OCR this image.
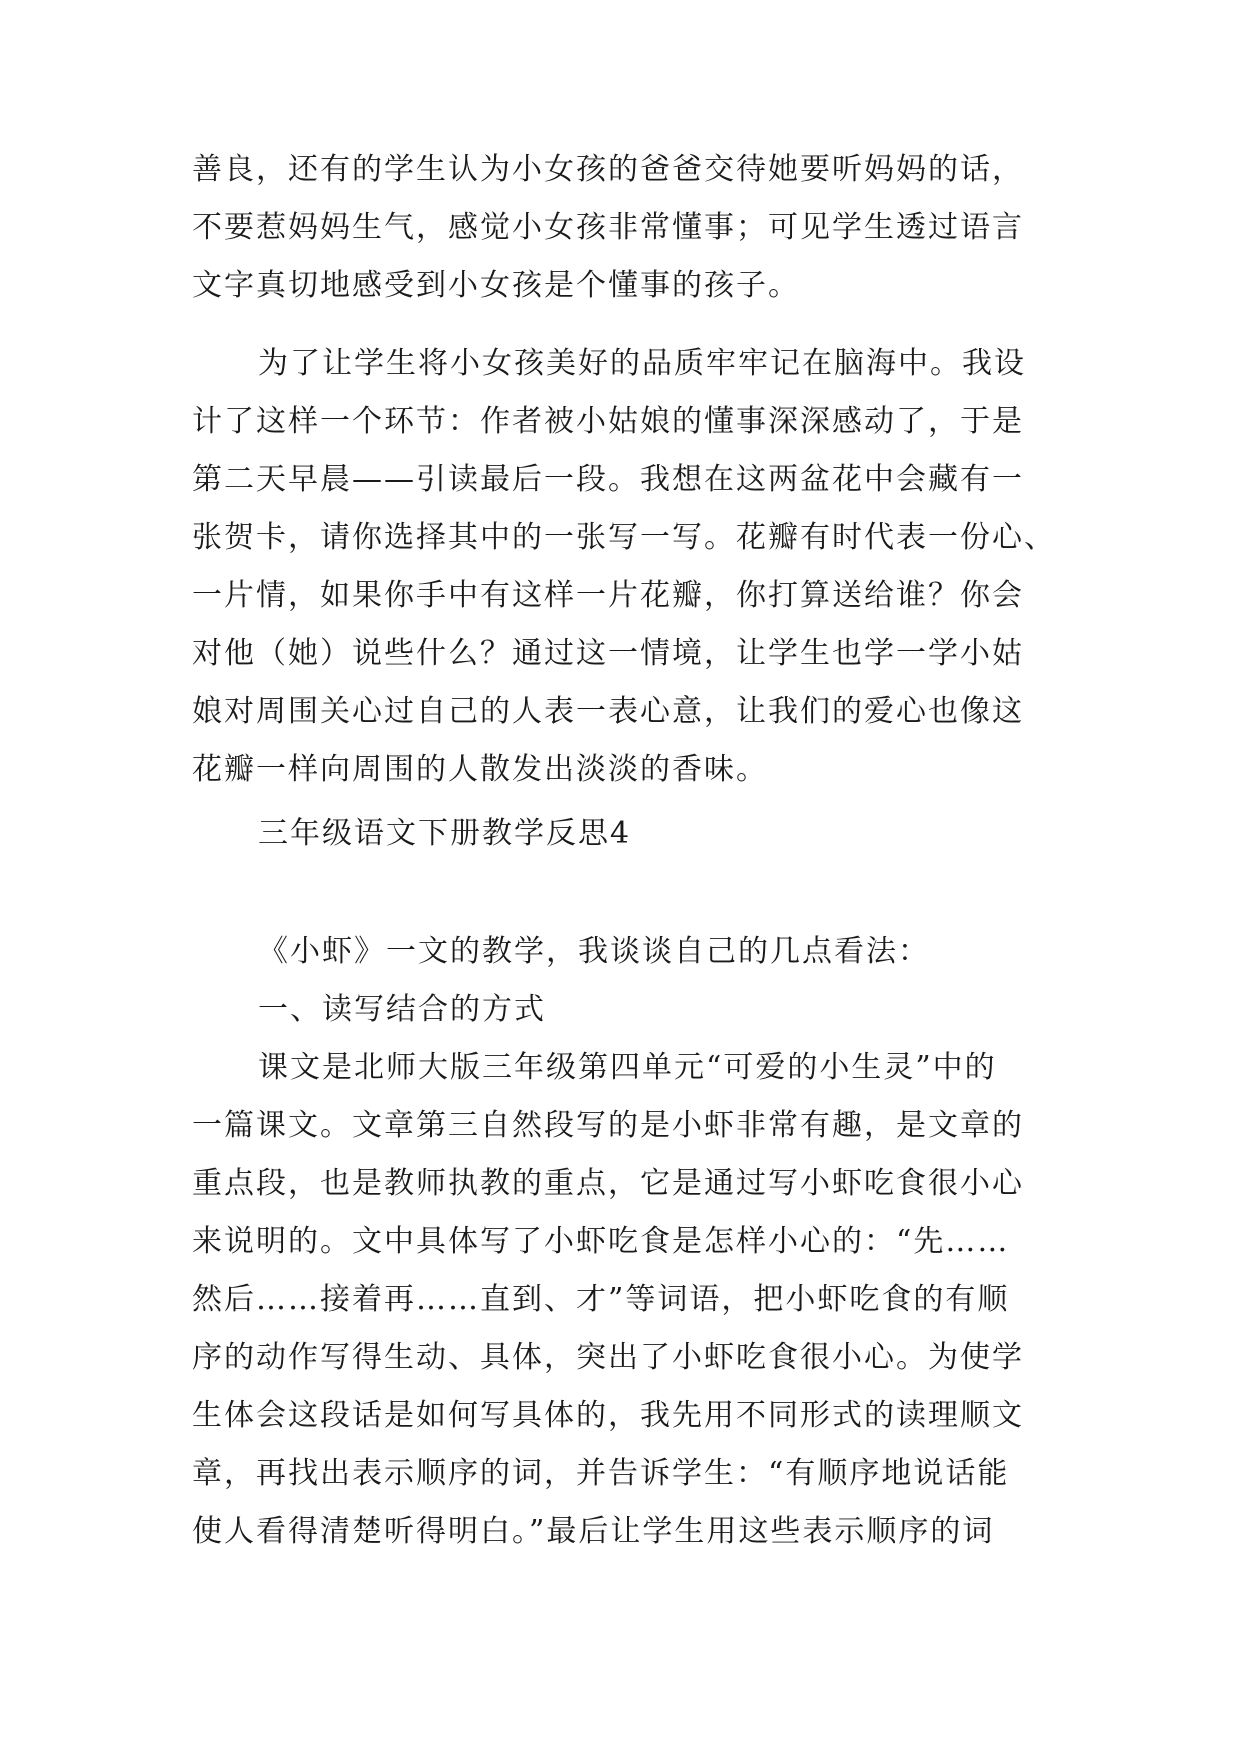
善良，还有的学生认为小女孩的爸爸交待她要听妈妈的话，
不要惹妈妈生气，感觉小女孩非常懂事；可见学生透过语言
文字真切地感受到小女孩是个懂事的孩子。
为了让学生将小女孩美好的品质牢牢记在脑海中。我设
计了这样一个环节：作者被小姑娘的懂事深深感动了，于是
第二天早晨——引读最后一段。我想在这两盆花中会藏有一
张贺卡，请你选择其中的一张写一写。花瓣有时代表一份心、
一片情，如果你手中有这样一片花瓣，你打算送给谁？你会
对他（她）说些什么？通过这一情境，让学生也学一学小姑
娘对周围关心过自己的人表一表心意，让我们的爱心也像这
花瓣一样向周围的人散发出淡淡的香味。
三年级语文下册教学反思4
《小虾》一文的教学，我谈谈自己的几点看法：
一、读写结合的方式
课文是北师大版三年级第四单元“可爱的小生灵”中的
一篇课文。文章第三自然段写的是小虾非常有趣，是文章的
重点段，也是教师执教的重点，它是通过写小虾吃食很小心
来说明的。文中具体写了小虾吃食是怎样小心的：“先……
然后……接着再……直到、才”等词语，把小虾吃食的有顺
序的动作写得生动、具体，突出了小虾吃食很小心。为使学
生体会这段话是如何写具体的，我先用不同形式的读理顺文
章，再找出表示顺序的词，并告诉学生：“有顺序地说话能
使人看得清楚听得明白。”最后让学生用这些表示顺序的词
